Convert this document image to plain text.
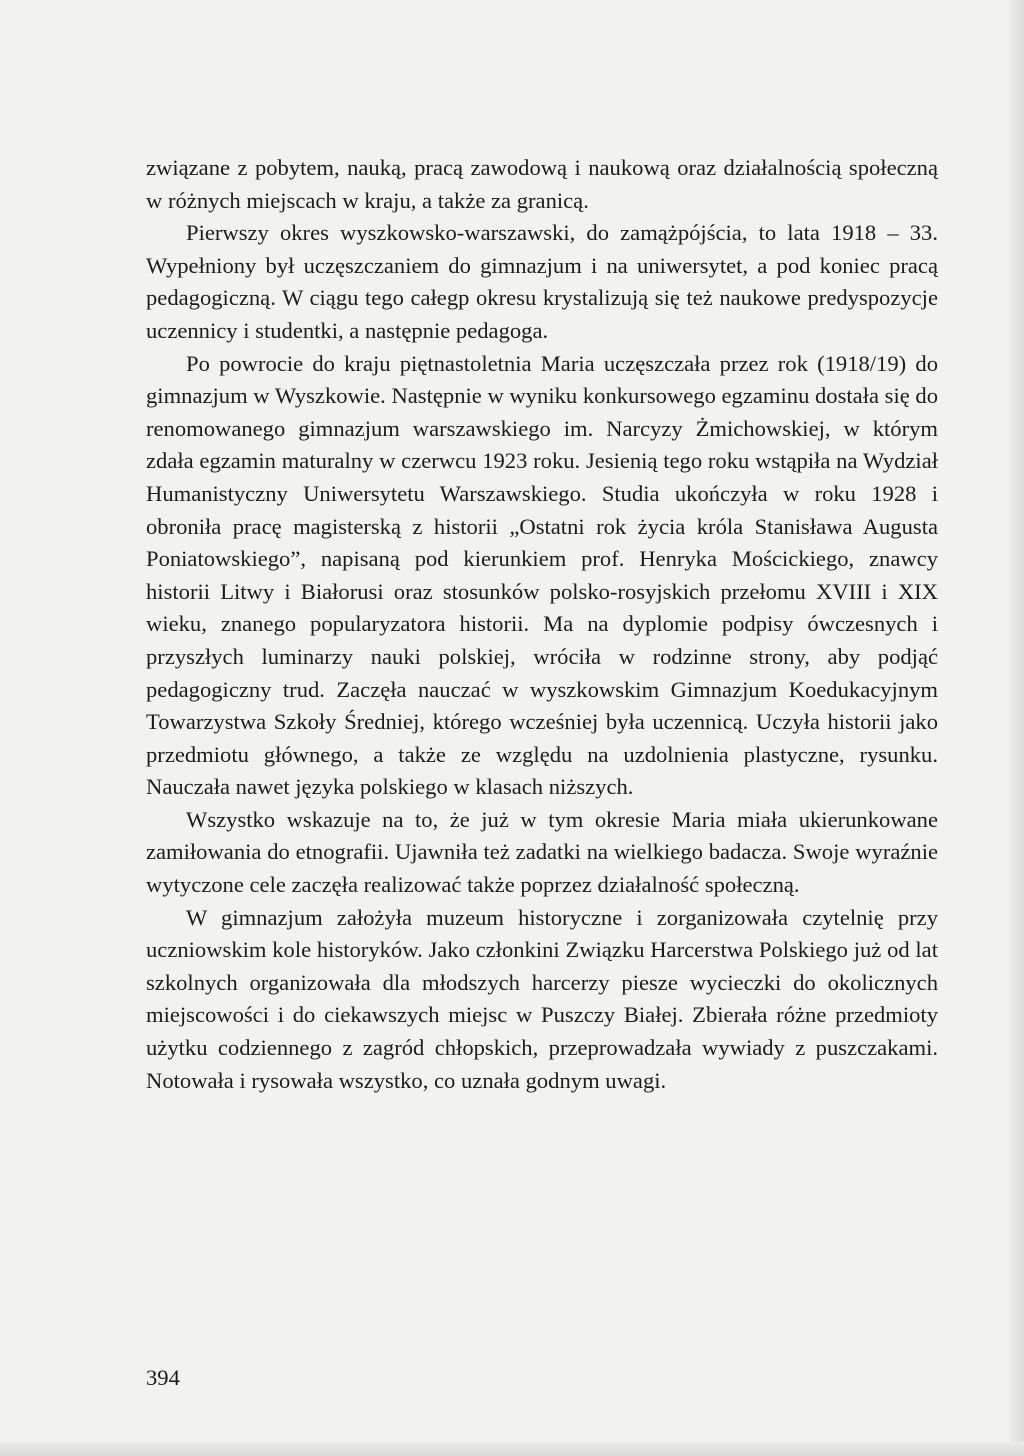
związane z pobytem, nauką, pracą zawodową i naukową oraz działalnością społeczną w różnych miejscach w kraju, a także za granicą.

Pierwszy okres wyszkowsko-warszawski, do zamążpójścia, to lata 1918 – 33. Wypełniony był uczęszczaniem do gimnazjum i na uniwersytet, a pod koniec pracą pedagogiczną. W ciągu tego całegp okresu krystalizują się też naukowe predyspozycje uczennicy i studentki, a następnie pedagoga.

Po powrocie do kraju piętnastoletnia Maria uczęszczała przez rok (1918/19) do gimnazjum w Wyszkowie. Następnie w wyniku konkursowego egzaminu dostała się do renomowanego gimnazjum warszawskiego im. Narcyzy Żmichowskiej, w którym zdała egzamin maturalny w czerwcu 1923 roku. Jesienią tego roku wstąpiła na Wydział Humanistyczny Uniwersytetu Warszawskiego. Studia ukończyła w roku 1928 i obroniła pracę magisterską z historii „Ostatni rok życia króla Stanisława Augusta Poniatowskiego”, napisaną pod kierunkiem prof. Henryka Mościckiego, znawcy historii Litwy i Białorusi oraz stosunków polsko-rosyjskich przełomu XVIII i XIX wieku, znanego popularyzatora historii. Ma na dyplomie podpisy ówczesnych i przyszłych luminarzy nauki polskiej, wróciła w rodzinne strony, aby podjąć pedagogiczny trud. Zaczęła nauczać w wyszkowskim Gimnazjum Koedukacyjnym Towarzystwa Szkoły Średniej, którego wcześniej była uczennicą. Uczyła historii jako przedmiotu głównego, a także ze względu na uzdolnienia plastyczne, rysunku. Nauczała nawet języka polskiego w klasach niższych.

Wszystko wskazuje na to, że już w tym okresie Maria miała ukierunkowane zamiłowania do etnografii. Ujawniła też zadatki na wielkiego badacza. Swoje wyraźnie wytyczone cele zaczęła realizować także poprzez działalność społeczną.

W gimnazjum założyła muzeum historyczne i zorganizowała czytelnię przy uczniowskim kole historyków. Jako członkini Związku Harcerstwa Polskiego już od lat szkolnych organizowała dla młodszych harcerzy piesze wycieczki do okolicznych miejscowości i do ciekawszych miejsc w Puszczy Białej. Zbierała różne przedmioty użytku codziennego z zagród chłopskich, przeprowadzała wywiady z puszczakami. Notowała i rysowała wszystko, co uznała godnym uwagi.

394
